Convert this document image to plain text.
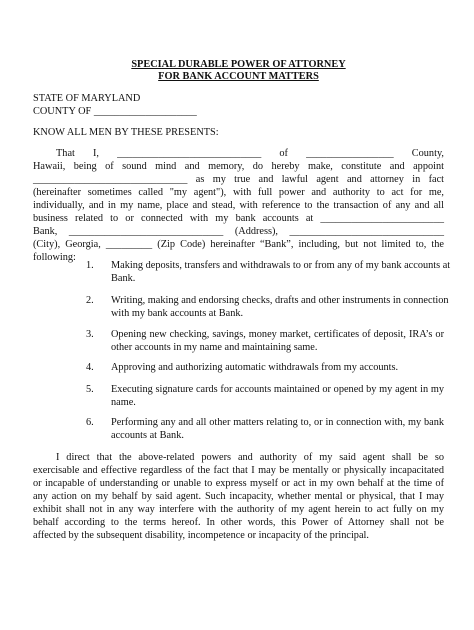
SPECIAL DURABLE POWER OF ATTORNEY
FOR BANK ACCOUNT MATTERS
STATE OF MARYLAND
COUNTY OF ____________________
KNOW ALL MEN BY THESE PRESENTS:
That I, ____________________________ of _________________ County,
Hawaii, being of sound mind and memory, do hereby make, constitute and appoint
______________________________ as my true and lawful agent and attorney in fact
(hereinafter sometimes called "my agent"), with full power and authority to act for me,
individually, and in my name, place and stead, with reference to the transaction of any and all
business related to or connected with my bank accounts at ________________________
Bank, ______________________________ (Address), ______________________________
(City), Georgia, _________ (Zip Code) hereinafter “Bank”, including, but not limited to, the
following:
1. Making deposits, transfers and withdrawals to or from any of my bank accounts at
Bank.
2. Writing, making and endorsing checks, drafts and other instruments in connection
with my bank accounts at Bank.
3. Opening new checking, savings, money market, certificates of deposit, IRA’s or
other accounts in my name and maintaining same.
4. Approving and authorizing automatic withdrawals from my accounts.
5. Executing signature cards for accounts maintained or opened by my agent in my
name.
6. Performing any and all other matters relating to, or in connection with, my bank
accounts at Bank.
I direct that the above-related powers and authority of my said agent shall be so
exercisable and effective regardless of the fact that I may be mentally or physically incapacitated
or incapable of understanding or unable to express myself or act in my own behalf at the time of
any action on my behalf by said agent. Such incapacity, whether mental or physical, that I may
exhibit shall not in any way interfere with the authority of my agent herein to act fully on my
behalf according to the terms hereof. In other words, this Power of Attorney shall not be
affected by the subsequent disability, incompetence or incapacity of the principal.
